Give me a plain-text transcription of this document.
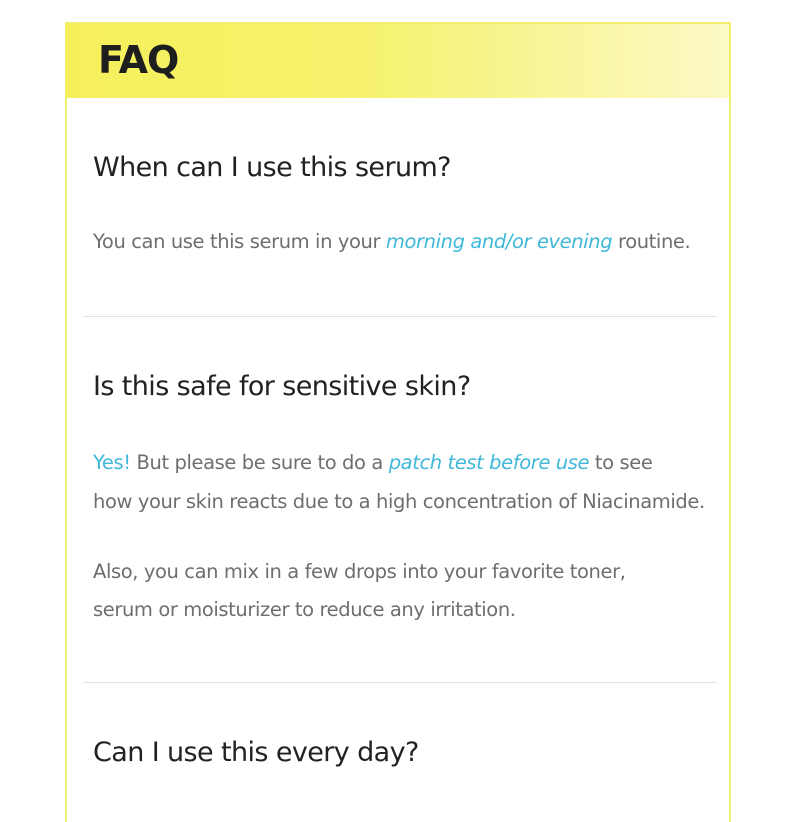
FAQ
When can I use this serum?
You can use this serum in your morning and/or evening routine.
Is this safe for sensitive skin?
Yes! But please be sure to do a patch test before use to see
how your skin reacts due to a high concentration of Niacinamide.
Also, you can mix in a few drops into your favorite toner,
serum or moisturizer to reduce any irritation.
Can I use this every day?
